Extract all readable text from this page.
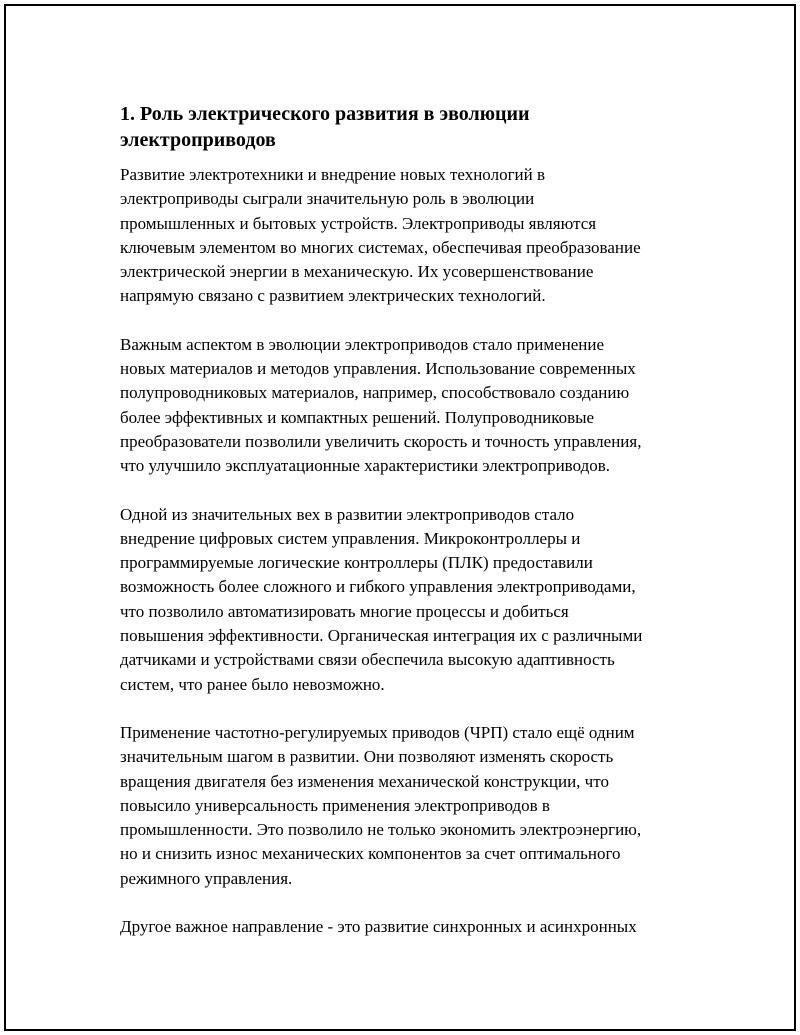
1. Роль электрического развития в эволюции
электроприводов

Развитие электротехники и внедрение новых технологий в
электроприводы сыграли значительную роль в эволюции
промышленных и бытовых устройств. Электроприводы являются
ключевым элементом во многих системах, обеспечивая преобразование
электрической энергии в механическую. Их усовершенствование
напрямую связано с развитием электрических технологий.

Важным аспектом в эволюции электроприводов стало применение
новых материалов и методов управления. Использование современных
полупроводниковых материалов, например, способствовало созданию
более эффективных и компактных решений. Полупроводниковые
преобразователи позволили увеличить скорость и точность управления,
что улучшило эксплуатационные характеристики электроприводов.

Одной из значительных вех в развитии электроприводов стало
внедрение цифровых систем управления. Микроконтроллеры и
программируемые логические контроллеры (ПЛК) предоставили
возможность более сложного и гибкого управления электроприводами,
что позволило автоматизировать многие процессы и добиться
повышения эффективности. Органическая интеграция их с различными
датчиками и устройствами связи обеспечила высокую адаптивность
систем, что ранее было невозможно.

Применение частотно-регулируемых приводов (ЧРП) стало ещё одним
значительным шагом в развитии. Они позволяют изменять скорость
вращения двигателя без изменения механической конструкции, что
повысило универсальность применения электроприводов в
промышленности. Это позволило не только экономить электроэнергию,
но и снизить износ механических компонентов за счет оптимального
режимного управления.

Другое важное направление - это развитие синхронных и асинхронных
